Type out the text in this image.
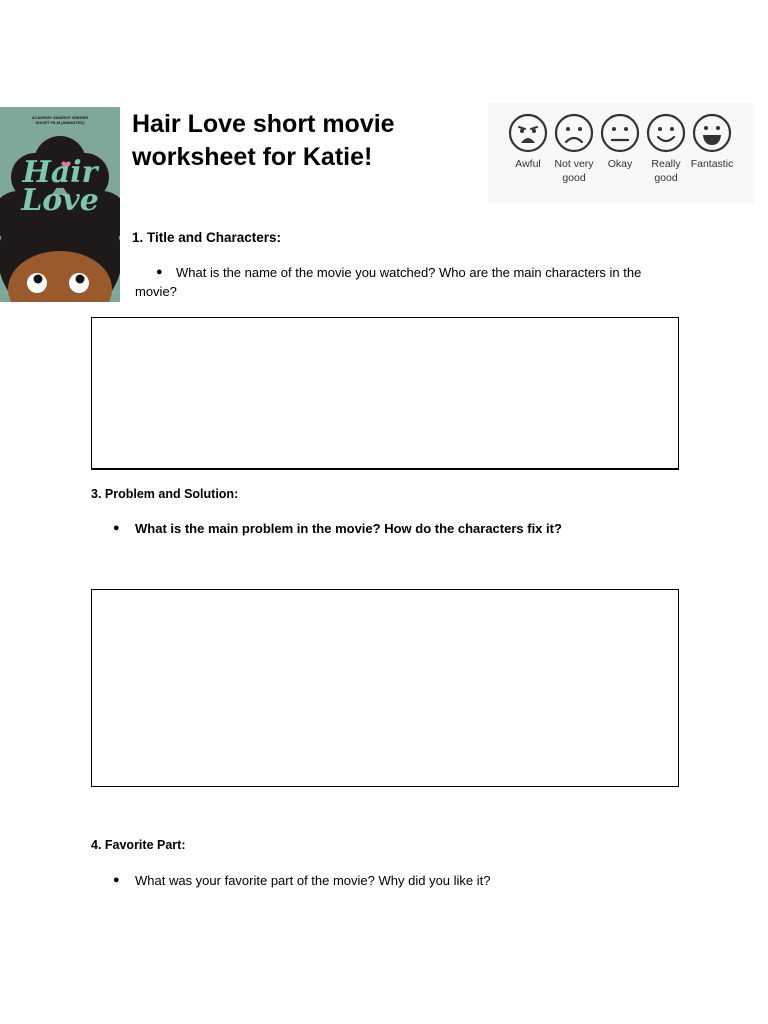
ACADEMY AWARD® WINNER
SHORT FILM (ANIMATED)
Hair
Love
Hair Love short movie
worksheet for Katie!	Awful	Not very
good
Okay	Really
good
Fantastic
1. Title and Characters:
● What is the name of the movie you watched? Who are the main characters in the
movie?
3. Problem and Solution:
● What is the main problem in the movie? How do the characters fix it?
4. Favorite Part:
● What was your favorite part of the movie? Why did you like it?
